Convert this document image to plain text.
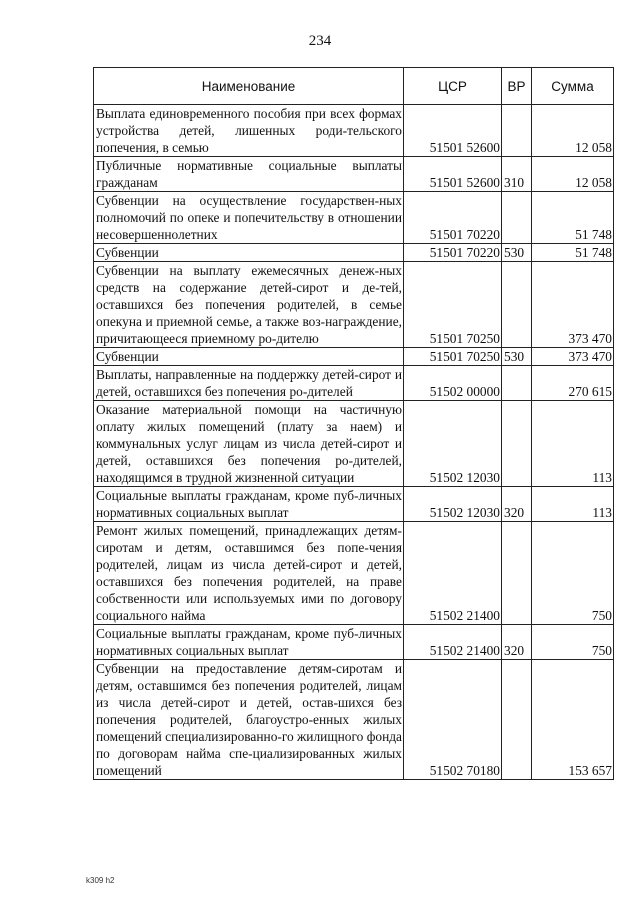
234
Наименование	ЦСР	ВР	Сумма
Выплата единовременного пособия при всех формах устройства детей, лишенных роди-тельского попечения, в семью	51501 52600		12 058
Публичные нормативные социальные выплаты гражданам	51501 52600	310	12 058
Субвенции на осуществление государствен-ных полномочий по опеке и попечительству в отношении несовершеннолетних	51501 70220		51 748
Субвенции	51501 70220	530	51 748
Субвенции на выплату ежемесячных денеж-ных средств на содержание детей-сирот и де-тей, оставшихся без попечения родителей, в семье опекуна и приемной семье, а также воз-награждение, причитающееся приемному ро-дителю	51501 70250		373 470
Субвенции	51501 70250	530	373 470
Выплаты, направленные на поддержку детей-сирот и детей, оставшихся без попечения ро-дителей	51502 00000		270 615
Оказание материальной помощи на частичную оплату жилых помещений (плату за наем) и коммунальных услуг лицам из числа детей-сирот и детей, оставшихся без попечения ро-дителей, находящимся в трудной жизненной ситуации	51502 12030		113
Социальные выплаты гражданам, кроме пуб-личных нормативных социальных выплат	51502 12030	320	113
Ремонт жилых помещений, принадлежащих детям-сиротам и детям, оставшимся без попе-чения родителей, лицам из числа детей-сирот и детей, оставшихся без попечения родителей, на праве собственности или используемых ими по договору социального найма	51502 21400		750
Социальные выплаты гражданам, кроме пуб-личных нормативных социальных выплат	51502 21400	320	750
Субвенции на предоставление детям-сиротам и детям, оставшимся без попечения родителей, лицам из числа детей-сирот и детей, остав-шихся без попечения родителей, благоустро-енных жилых помещений специализированно-го жилищного фонда по договорам найма спе-циализированных жилых помещений	51502 70180		153 657
k309 h2
